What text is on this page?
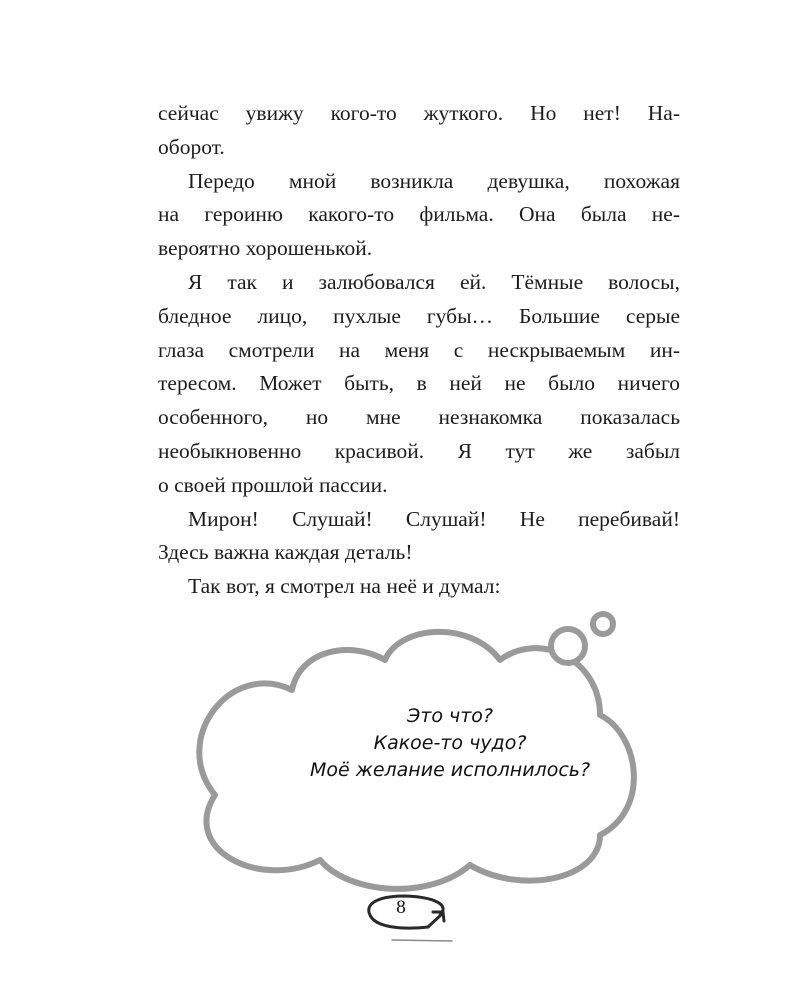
сейчас увижу кого-то жуткого. Но нет! На-
оборот.

Передо мной возникла девушка, похожая
на героиню какого-то фильма. Она была не-
вероятно хорошенькой.

Я так и залюбовался ей. Тёмные волосы,
бледное лицо, пухлые губы… Большие серые
глаза смотрели на меня с нескрываемым ин-
тересом. Может быть, в ней не было ничего
особенного, но мне незнакомка показалась
необыкновенно красивой. Я тут же забыл
о своей прошлой пассии.

Мирон! Слушай! Слушай! Не перебивай!
Здесь важна каждая деталь!

Так вот, я смотрел на неё и думал:

Это что?
Какое-то чудо?
Моё желание исполнилось?
8
